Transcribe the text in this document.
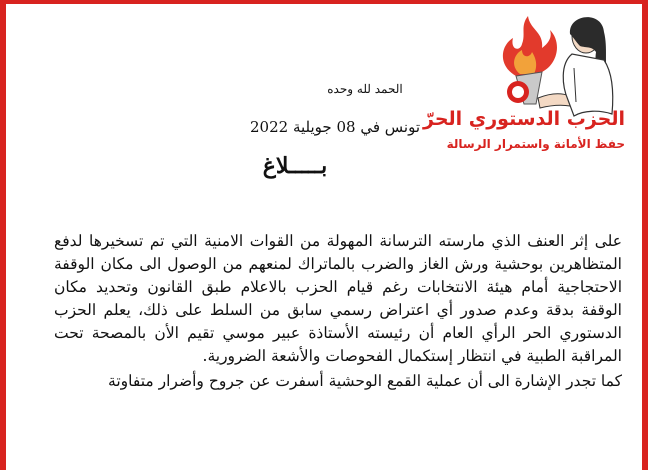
الحزب الدستوري الحرّ
حفظ الأمانة واستمرار الرسالة
الحمد لله وحده
تونس في 08 جويلية 2022
بـــــلاغ

على إثر العنف الذي مارسته الترسانة المهولة من القوات الامنية التي تم تسخيرها لدفع المتظاهرين بوحشية ورش الغاز والضرب بالماتراك لمنعهم من الوصول الى مكان الوقفة الاحتجاجية أمام هيئة الانتخابات رغم قيام الحزب بالاعلام طبق القانون وتحديد مكان الوقفة بدقة وعدم صدور أي اعتراض رسمي سابق من السلط على ذلك، يعلم الحزب الدستوري الحر الرأي العام أن رئيسته الأستاذة عبير موسي تقيم الأن بالمصحة تحت المراقبة الطبية في انتظار إستكمال الفحوصات والأشعة الضرورية.

كما تجدر الإشارة الى أن عملية القمع الوحشية أسفرت عن جروح وأضرار متفاوتة
